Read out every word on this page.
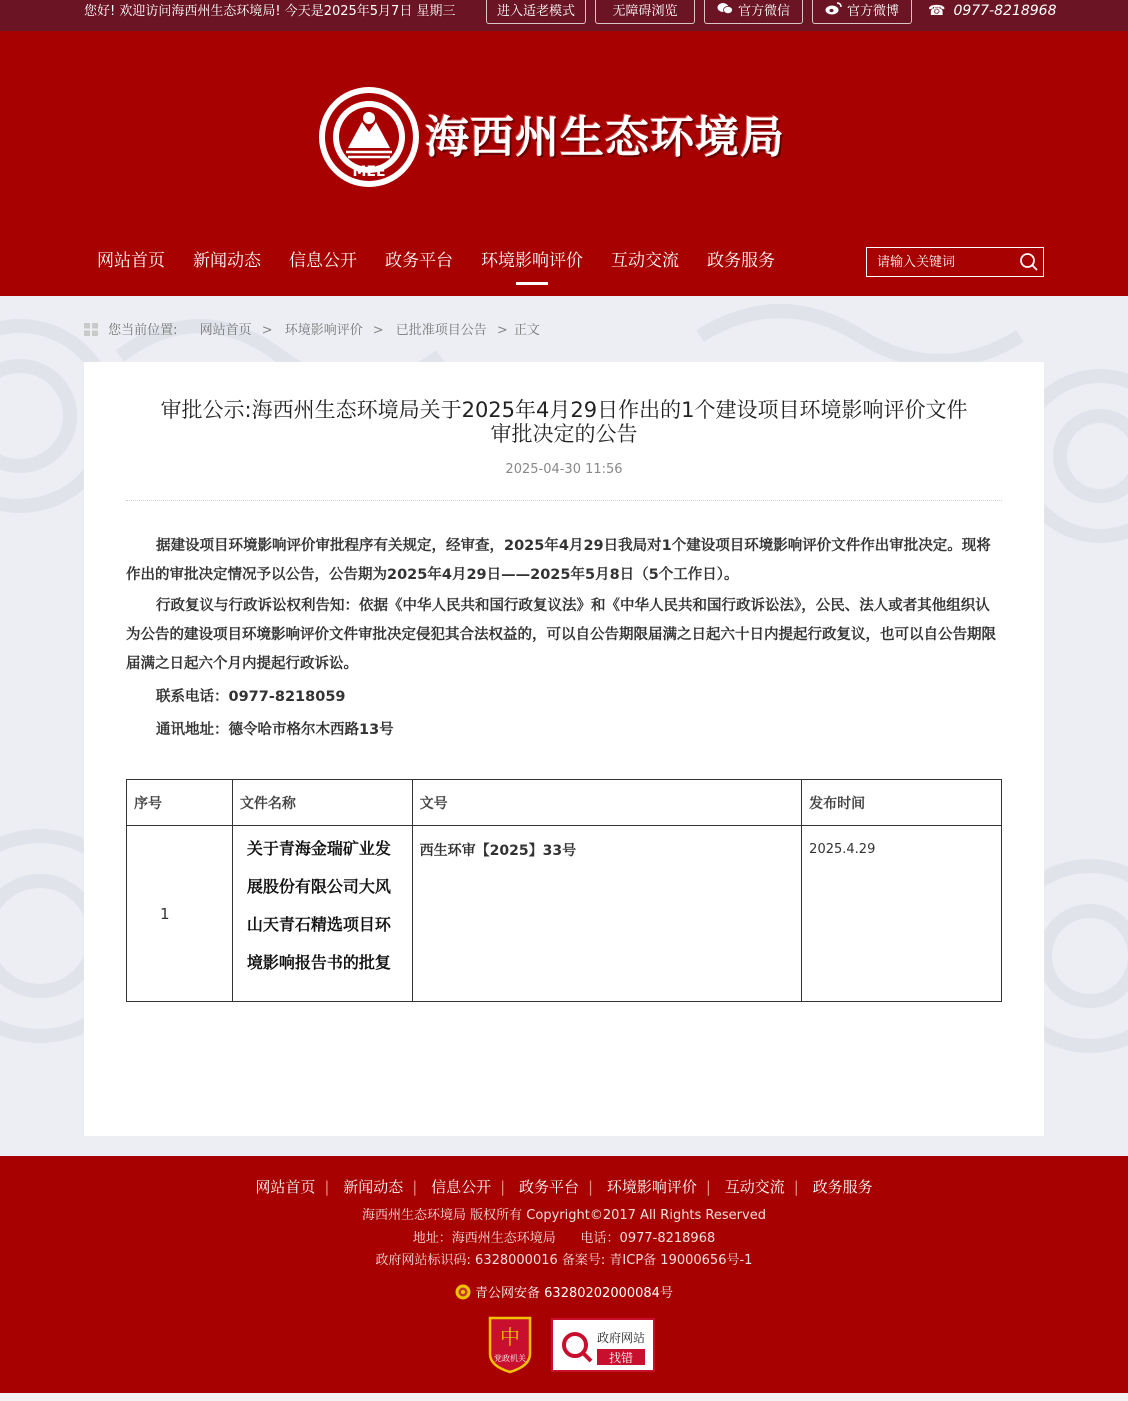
您好! 欢迎访问海西州生态环境局! 今天是2025年5月7日 星期三	进入适老模式	无障碍浏览	官方微信	官方微博	☎ 0977-8218968
MEE
海西州生态环境局
网站首页 新闻动态 信息公开 政务平台 环境影响评价 互动交流 政务服务
请输入关键词
您当前位置: 网站首页 > 环境影响评价 > 已批准项目公告 > 正文
审批公示:海西州生态环境局关于2025年4月29日作出的1个建设项目环境影响评价文件
审批决定的公告
2025-04-30 11:56

据建设项目环境影响评价审批程序有关规定，经审查，2025年4月29日我局对1个建设项目环境影响评价文件作出审批决定。现将作出的审批决定情况予以公告，公告期为2025年4月29日——2025年5月8日（5个工作日）。

行政复议与行政诉讼权利告知：依据《中华人民共和国行政复议法》和《中华人民共和国行政诉讼法》，公民、法人或者其他组织认为公告的建设项目环境影响评价文件审批决定侵犯其合法权益的，可以自公告期限届满之日起六十日内提起行政复议，也可以自公告期限届满之日起六个月内提起行政诉讼。

联系电话：0977-8218059

通讯地址：德令哈市格尔木西路13号

序号	文件名称	文号	发布时间
1	关于青海金瑞矿业发展股份有限公司大风山天青石精选项目环境影响报告书的批复	西生环审【2025】33号	2025.4.29
网站首页 | 新闻动态 | 信息公开 | 政务平台 | 环境影响评价 | 互动交流 | 政务服务
海西州生态环境局 版权所有 Copyright©2017 All Rights Reserved
地址：海西州生态环境局      电话：0977-8218968
政府网站标识码: 6328000016 备案号: 青ICP备 19000656号-1
青公网安备 63280202000084号
中
党政机关
政府网站
找错
